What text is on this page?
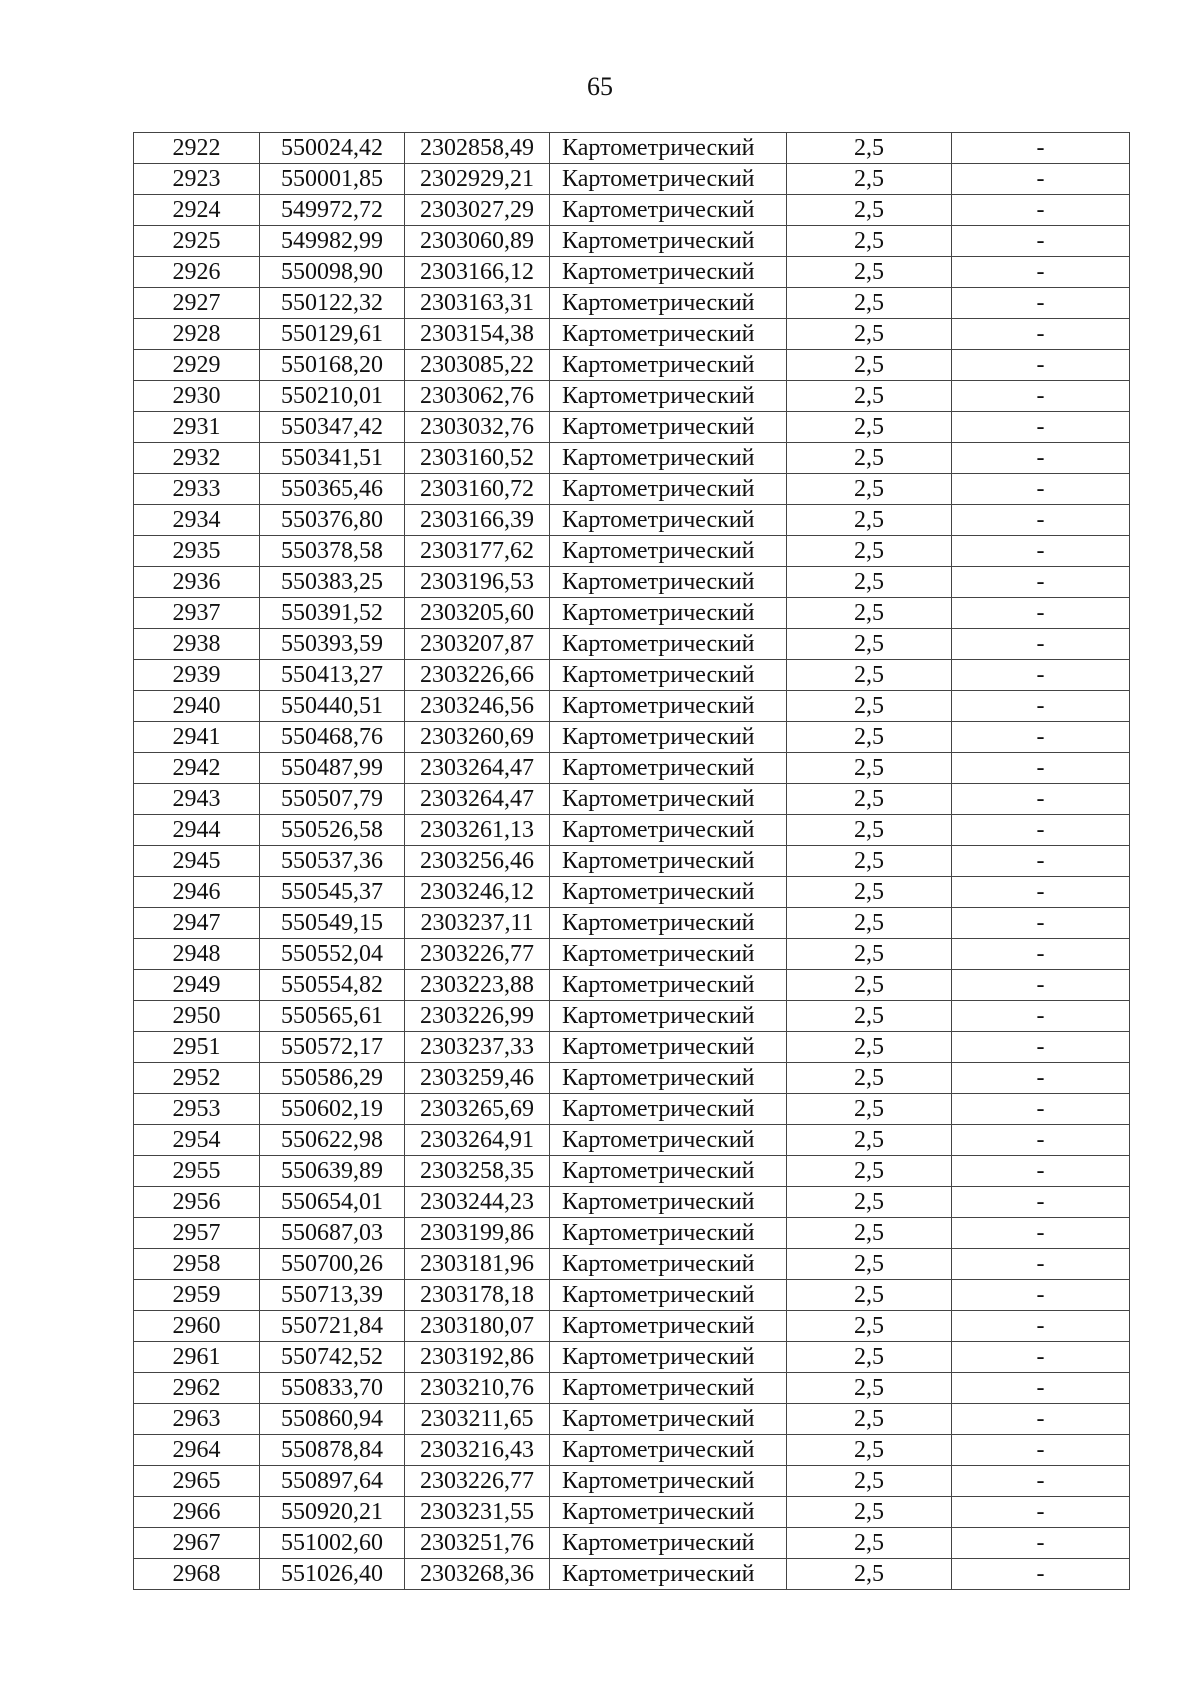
65
2922	550024,42	2302858,49	Картометрический	2,5	-
2923	550001,85	2302929,21	Картометрический	2,5	-
2924	549972,72	2303027,29	Картометрический	2,5	-
2925	549982,99	2303060,89	Картометрический	2,5	-
2926	550098,90	2303166,12	Картометрический	2,5	-
2927	550122,32	2303163,31	Картометрический	2,5	-
2928	550129,61	2303154,38	Картометрический	2,5	-
2929	550168,20	2303085,22	Картометрический	2,5	-
2930	550210,01	2303062,76	Картометрический	2,5	-
2931	550347,42	2303032,76	Картометрический	2,5	-
2932	550341,51	2303160,52	Картометрический	2,5	-
2933	550365,46	2303160,72	Картометрический	2,5	-
2934	550376,80	2303166,39	Картометрический	2,5	-
2935	550378,58	2303177,62	Картометрический	2,5	-
2936	550383,25	2303196,53	Картометрический	2,5	-
2937	550391,52	2303205,60	Картометрический	2,5	-
2938	550393,59	2303207,87	Картометрический	2,5	-
2939	550413,27	2303226,66	Картометрический	2,5	-
2940	550440,51	2303246,56	Картометрический	2,5	-
2941	550468,76	2303260,69	Картометрический	2,5	-
2942	550487,99	2303264,47	Картометрический	2,5	-
2943	550507,79	2303264,47	Картометрический	2,5	-
2944	550526,58	2303261,13	Картометрический	2,5	-
2945	550537,36	2303256,46	Картометрический	2,5	-
2946	550545,37	2303246,12	Картометрический	2,5	-
2947	550549,15	2303237,11	Картометрический	2,5	-
2948	550552,04	2303226,77	Картометрический	2,5	-
2949	550554,82	2303223,88	Картометрический	2,5	-
2950	550565,61	2303226,99	Картометрический	2,5	-
2951	550572,17	2303237,33	Картометрический	2,5	-
2952	550586,29	2303259,46	Картометрический	2,5	-
2953	550602,19	2303265,69	Картометрический	2,5	-
2954	550622,98	2303264,91	Картометрический	2,5	-
2955	550639,89	2303258,35	Картометрический	2,5	-
2956	550654,01	2303244,23	Картометрический	2,5	-
2957	550687,03	2303199,86	Картометрический	2,5	-
2958	550700,26	2303181,96	Картометрический	2,5	-
2959	550713,39	2303178,18	Картометрический	2,5	-
2960	550721,84	2303180,07	Картометрический	2,5	-
2961	550742,52	2303192,86	Картометрический	2,5	-
2962	550833,70	2303210,76	Картометрический	2,5	-
2963	550860,94	2303211,65	Картометрический	2,5	-
2964	550878,84	2303216,43	Картометрический	2,5	-
2965	550897,64	2303226,77	Картометрический	2,5	-
2966	550920,21	2303231,55	Картометрический	2,5	-
2967	551002,60	2303251,76	Картометрический	2,5	-
2968	551026,40	2303268,36	Картометрический	2,5	-
